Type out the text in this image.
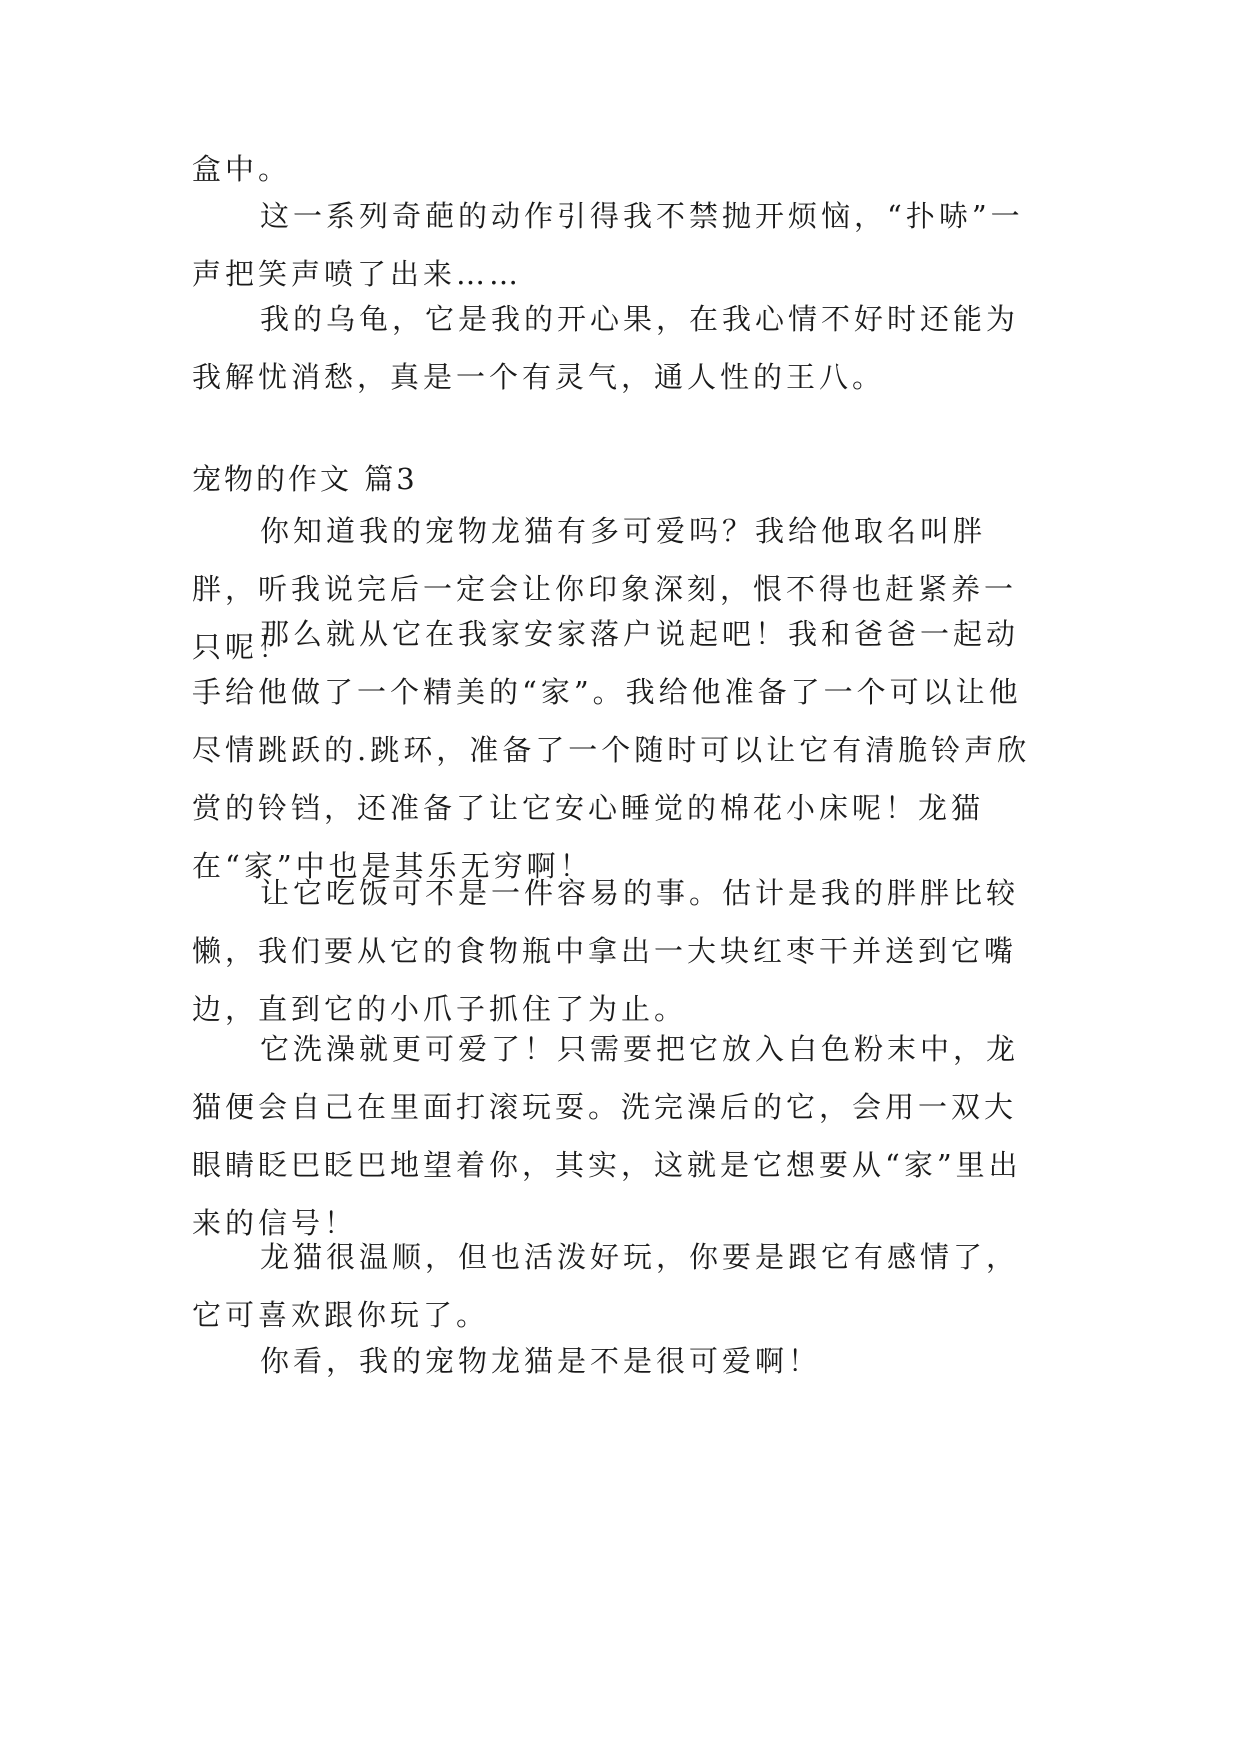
盒中。

这一系列奇葩的动作引得我不禁抛开烦恼，“扑哧”一声把笑声喷了出来……

我的乌龟，它是我的开心果，在我心情不好时还能为我解忧消愁，真是一个有灵气，通人性的王八。

宠物的作文 篇3

你知道我的宠物龙猫有多可爱吗？我给他取名叫胖胖，听我说完后一定会让你印象深刻，恨不得也赶紧养一只呢！

那么就从它在我家安家落户说起吧！我和爸爸一起动手给他做了一个精美的“家”。我给他准备了一个可以让他尽情跳跃的.跳环，准备了一个随时可以让它有清脆铃声欣赏的铃铛，还准备了让它安心睡觉的棉花小床呢！龙猫在“家”中也是其乐无穷啊！

让它吃饭可不是一件容易的事。估计是我的胖胖比较懒，我们要从它的食物瓶中拿出一大块红枣干并送到它嘴边，直到它的小爪子抓住了为止。

它洗澡就更可爱了！只需要把它放入白色粉末中，龙猫便会自己在里面打滚玩耍。洗完澡后的它，会用一双大眼睛眨巴眨巴地望着你，其实，这就是它想要从“家”里出来的信号！

龙猫很温顺，但也活泼好玩，你要是跟它有感情了，它可喜欢跟你玩了。

你看，我的宠物龙猫是不是很可爱啊！
